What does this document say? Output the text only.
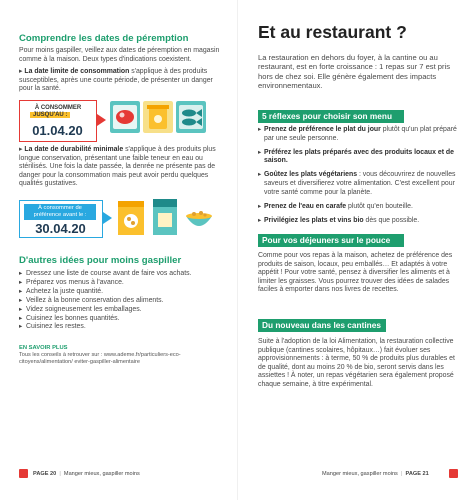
Comprendre les dates de péremption
Pour moins gaspiller, veillez aux dates de péremption en magasin comme à la maison. Deux types d'indications coexistent.
▸ La date limite de consommation s'applique à des produits susceptibles, après une courte période, de présenter un danger pour la santé.
À CONSOMMER
JUSQU'AU :
01.04.20
▸ La date de durabilité minimale s'applique à des produits plus longue conservation, présentant une faible teneur en eau ou stérilisés. Une fois la date passée, la denrée ne présente pas de danger pour la consommation mais peut avoir perdu quelques qualités gustatives.
À consommer de préférence avant le :
30.04.20
D'autres idées pour moins gaspiller
▸ Dressez une liste de course avant de faire vos achats.
▸ Préparez vos menus à l'avance.
▸ Achetez la juste quantité.
▸ Veillez à la bonne conservation des aliments.
▸ Videz soigneusement les emballages.
▸ Cuisinez les bonnes quantités.
▸ Cuisinez les restes.
EN SAVOIR PLUS
Tous les conseils à retrouver sur : www.ademe.fr/particuliers-eco-citoyens/alimentation/ eviter-gaspiller-alimentaire
PAGE 20  |  Manger mieux, gaspiller moins
Et au restaurant ?
La restauration en dehors du foyer, à la cantine ou au restaurant, est en forte croissance : 1 repas sur 7 est pris hors de chez soi. Elle génère également des impacts environnementaux.
5 réflexes pour choisir son menu
▸ Prenez de préférence le plat du jour plutôt qu'un plat préparé par une seule personne.
▸ Préférez les plats préparés avec des produits locaux et de saison.
▸ Goûtez les plats végétariens : vous découvrirez de nouvelles saveurs et diversifierez votre alimentation. C'est excellent pour votre santé comme pour la planète.
▸ Prenez de l'eau en carafe plutôt qu'en bouteille.
▸ Privilégiez les plats et vins bio dès que possible.
Pour vos déjeuners sur le pouce
Comme pour vos repas à la maison, achetez de préférence des produits de saison, locaux, peu emballés… Et adaptés à votre appétit ! Pour votre santé, pensez à diversifier les aliments et à limiter les graisses. Vous pourrez trouver des idées de salades faciles à emporter dans nos livres de recettes.
Du nouveau dans les cantines
Suite à l'adoption de la loi Alimentation, la restauration collective publique (cantines scolaires, hôpitaux…) fait évoluer ses approvisionnements : à terme, 50 % de produits plus durables et de qualité, dont au moins 20 % de bio, seront servis dans les assiettes ! À noter, un repas végétarien sera également proposé chaque semaine, à titre expérimental.
Manger mieux, gaspiller moins  |  PAGE 21
